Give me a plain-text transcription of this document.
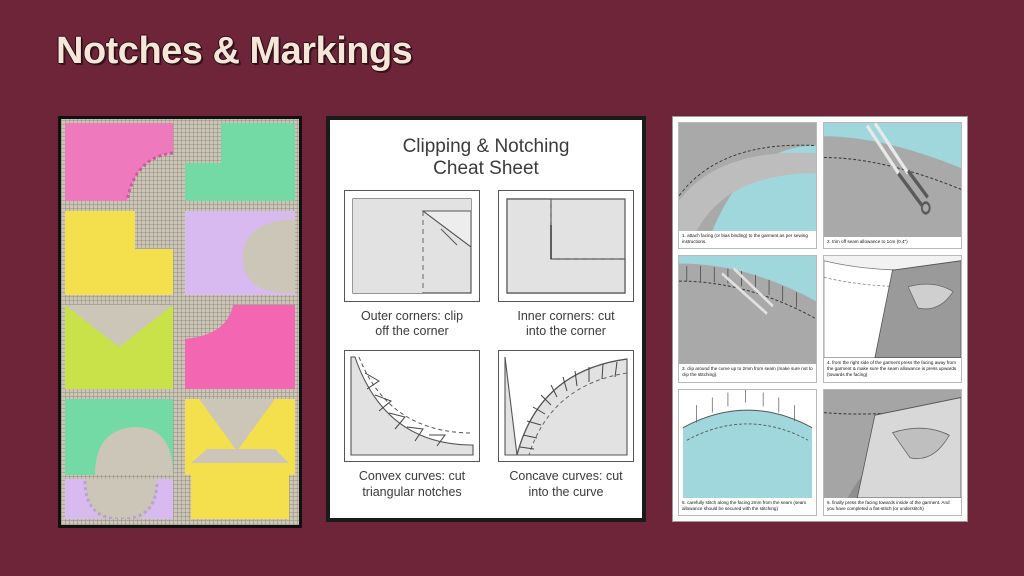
Notches & Markings
Clipping & Notching
Cheat Sheet
Outer corners: clip
off the corner
Inner corners: cut
into the corner
Convex curves: cut
triangular notches
Concave curves: cut
into the curve
1. attach facing (or bias binding) to the garment as per sewing instructions.	2. trim off seam allowance to 1cm (0.4")
3. clip around the curve up to 2mm from seam (make sure not to clip the stitching).
4. from the right side of the garment press the facing away from the garment & make sure the seam allowance is press upwards (towards the facing)
5. carefully stitch along the facing 2mm from the seam (seam allowance should be secured with the stitching)
6. finally press the facing towards inside of the garment. And you have completed a flat-stitch (or understitch)
